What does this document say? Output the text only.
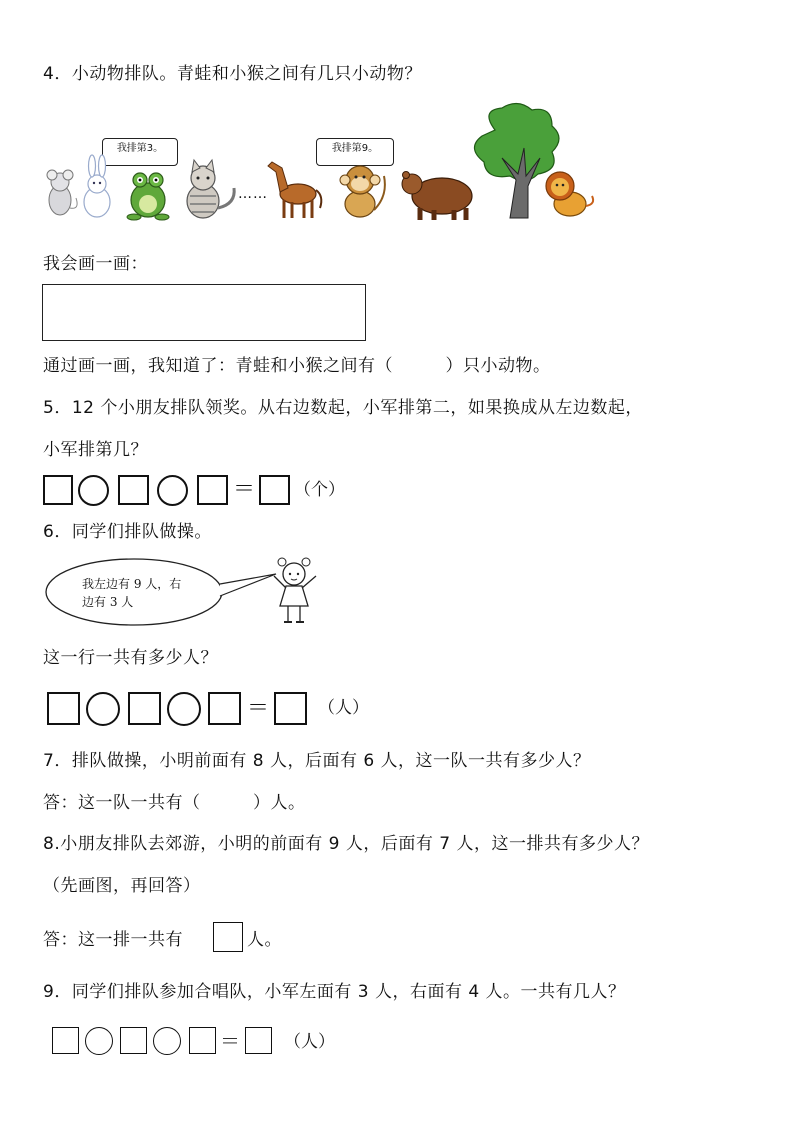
4．小动物排队。青蛙和小猴之间有几只小动物？
我排第3。	我排第9。
……
我会画一画：
通过画一画，我知道了：青蛙和小猴之间有（　　　）只小动物。
5．12 个小朋友排队领奖。从右边数起，小军排第二，如果换成从左边数起，
小军排第几？
＝ （个）
6．同学们排队做操。
我左边有 9 人，右
边有 3 人
这一行一共有多少人？
＝	（人）
7．排队做操，小明前面有 8 人，后面有 6 人，这一队一共有多少人？
答：这一队一共有（　　　）人。
8.小朋友排队去郊游，小明的前面有 9 人，后面有 7 人，这一排共有多少人？
（先画图，再回答）
答：这一排一共有	人。
9．同学们排队参加合唱队，小军左面有 3 人，右面有 4 人。一共有几人？
＝	（人）
